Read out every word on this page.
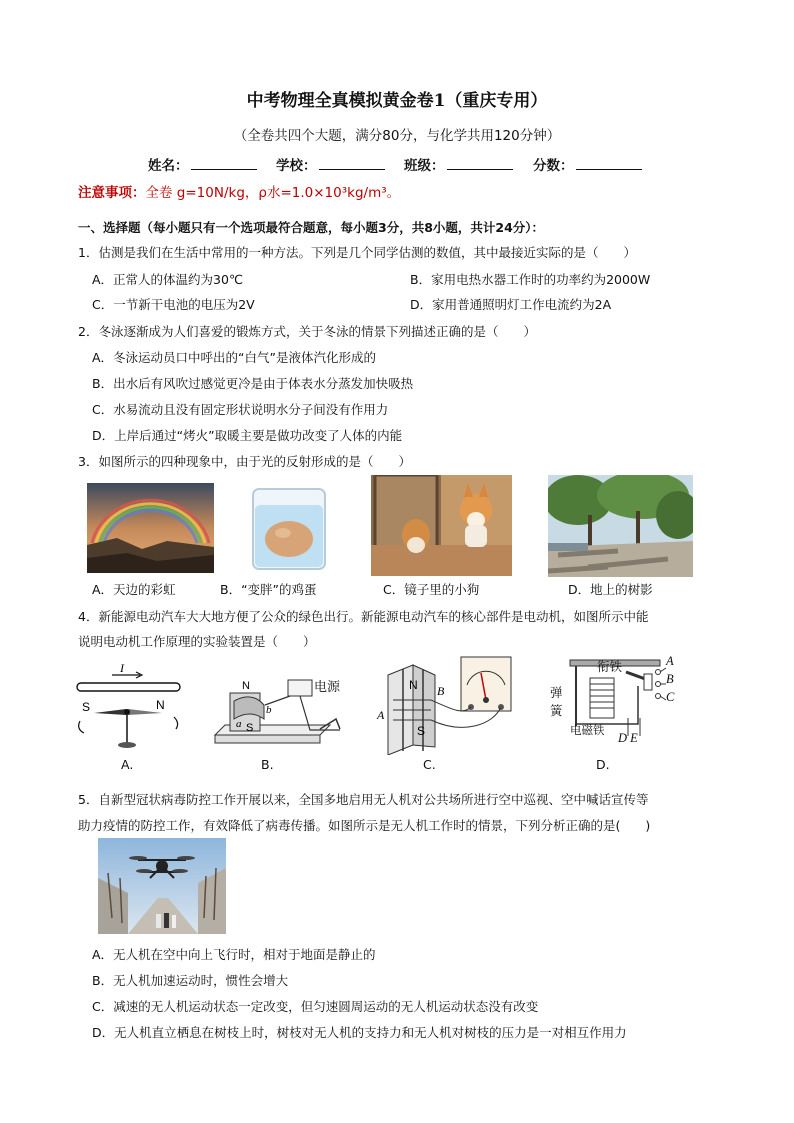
中考物理全真模拟黄金卷1（重庆专用）
（全卷共四个大题，满分80分，与化学共用120分钟）
姓名：	学校：	班级：	分数：
注意事项：全卷 g=10N/kg，ρ水=1.0×10³kg/m³。
一、选择题（每小题只有一个选项最符合题意，每小题3分，共8小题，共计24分）：
1．估测是我们在生活中常用的一种方法。下列是几个同学估测的数值，其中最接近实际的是（　　）
A．正常人的体温约为30℃	B．家用电热水器工作时的功率约为2000W
C．一节新干电池的电压为2V	D．家用普通照明灯工作电流约为2A
2．冬泳逐渐成为人们喜爱的锻炼方式，关于冬泳的情景下列描述正确的是（　　）
A．冬泳运动员口中呼出的“白气”是液体汽化形成的
B．出水后有风吹过感觉更冷是由于体表水分蒸发加快吸热
C．水易流动且没有固定形状说明水分子间没有作用力
D．上岸后通过“烤火”取暖主要是做功改变了人体的内能
3．如图所示的四种现象中，由于光的反射形成的是（　　）
A．天边的彩虹	B．“变胖”的鸡蛋	C．镜子里的小狗	D．地上的树影
4．新能源电动汽车大大地方便了公众的绿色出行。新能源电动汽车的核心部件是电动机，如图所示中能
说明电动机工作原理的实验装置是（　　）
I
S	N
N
S
b
a
电源	N
S
A
B
衔铁
弹
簧
电磁铁
A
B
C
D E
A.	B.	C.	D.
5．自新型冠状病毒防控工作开展以来，全国多地启用无人机对公共场所进行空中巡视、空中喊话宣传等
助力疫情的防控工作，有效降低了病毒传播。如图所示是无人机工作时的情景，下列分析正确的是(　　)
A．无人机在空中向上飞行时，相对于地面是静止的
B．无人机加速运动时，惯性会增大
C．减速的无人机运动状态一定改变，但匀速圆周运动的无人机运动状态没有改变
D．无人机直立栖息在树枝上时，树枝对无人机的支持力和无人机对树枝的压力是一对相互作用力
